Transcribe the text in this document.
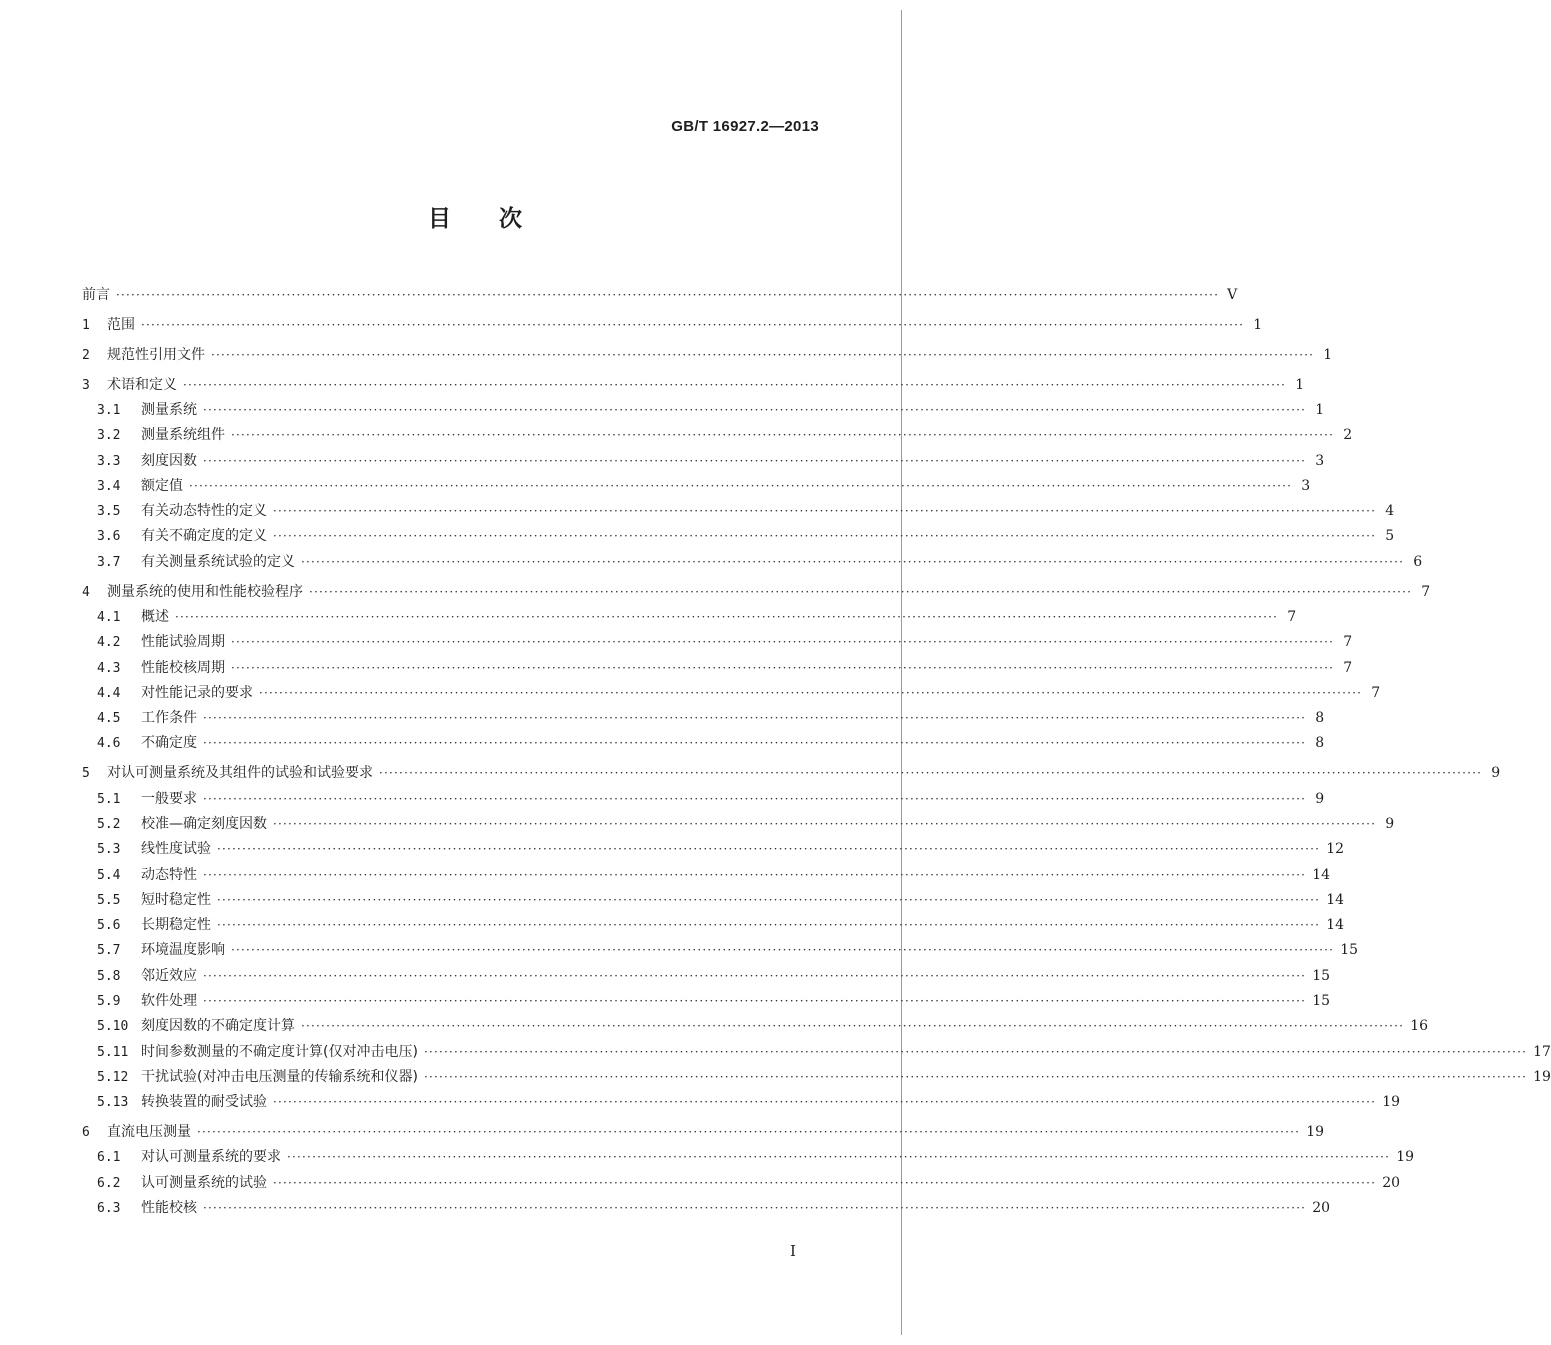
GB/T 16927.2—2013
目次
前言 ···························································································································································································································· V
1	范围 ···························································································································································································································· 1
2	规范性引用文件 ···························································································································································································································· 1
3	术语和定义 ···························································································································································································································· 1
3.1	测量系统 ···························································································································································································································· 1
3.2	测量系统组件 ···························································································································································································································· 2
3.3	刻度因数 ···························································································································································································································· 3
3.4	额定值 ···························································································································································································································· 3
3.5	有关动态特性的定义 ···························································································································································································································· 4
3.6	有关不确定度的定义 ···························································································································································································································· 5
3.7	有关测量系统试验的定义 ···························································································································································································································· 6
4	测量系统的使用和性能校验程序 ···························································································································································································································· 7
4.1	概述 ···························································································································································································································· 7
4.2	性能试验周期 ···························································································································································································································· 7
4.3	性能校核周期 ···························································································································································································································· 7
4.4	对性能记录的要求 ···························································································································································································································· 7
4.5	工作条件 ···························································································································································································································· 8
4.6	不确定度 ···························································································································································································································· 8
5	对认可测量系统及其组件的试验和试验要求 ···························································································································································································································· 9
5.1	一般要求 ···························································································································································································································· 9
5.2	校准—确定刻度因数 ···························································································································································································································· 9
5.3	线性度试验 ···························································································································································································································· 12
5.4	动态特性 ···························································································································································································································· 14
5.5	短时稳定性 ···························································································································································································································· 14
5.6	长期稳定性 ···························································································································································································································· 14
5.7	环境温度影响 ···························································································································································································································· 15
5.8	邻近效应 ···························································································································································································································· 15
5.9	软件处理 ···························································································································································································································· 15
5.10 刻度因数的不确定度计算 ···························································································································································································································· 16
5.11 时间参数测量的不确定度计算(仅对冲击电压) ···························································································································································································································· 17
5.12 干扰试验(对冲击电压测量的传输系统和仪器) ···························································································································································································································· 19
5.13 转换装置的耐受试验 ···························································································································································································································· 19
6	直流电压测量 ···························································································································································································································· 19
6.1	对认可测量系统的要求 ···························································································································································································································· 19
6.2	认可测量系统的试验 ···························································································································································································································· 20
6.3	性能校核 ···························································································································································································································· 20
I
